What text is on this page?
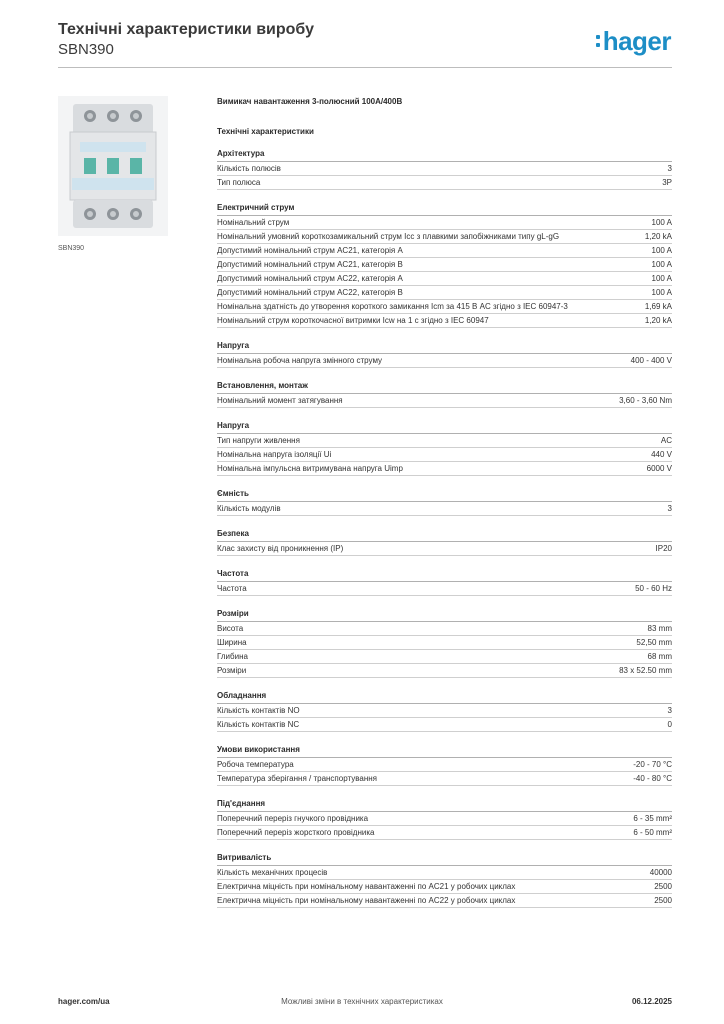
Технічні характеристики виробу
SBN390	hager
SBN390
Вимикач навантаження 3-полюсний 100А/400В
Технічні характеристики
Архітектура
Кількість полюсів	3
Тип полюса	3P
Електричний струм
Номінальний струм	100 A
Номінальний умовний короткозамикальний струм Icc з плавкими запобіжниками типу gL-gG	1,20 kA
Допустимий номінальний струм AC21, категорія A	100 A
Допустимий номінальний струм AC21, категорія B	100 A
Допустимий номінальний струм AC22, категорія A	100 A
Допустимий номінальний струм AC22, категорія B	100 A
Номінальна здатність до утворення короткого замикання Icm за 415 В AC згідно з IEC 60947-3	1,69 kA
Номінальний струм короткочасної витримки Icw на 1 с згідно з IEC 60947	1,20 kA
Напруга
Номінальна робоча напруга змінного струму	400 - 400 V
Встановлення, монтаж
Номінальний момент затягування	3,60 - 3,60 Nm
Напруга
Тип напруги живлення	AC
Номінальна напруга ізоляції Ui	440 V
Номінальна імпульсна витримувана напруга Uimp	6000 V
Ємність
Кількість модулів	3
Безпека
Клас захисту від проникнення (IP)	IP20
Частота
Частота	50 - 60 Hz
Розміри
Висота	83 mm
Ширина	52,50 mm
Глибина	68 mm
Розміри	83 x 52.50 mm
Обладнання
Кількість контактів NO	3
Кількість контактів NC	0
Умови використання
Робоча температура	-20 - 70 °C
Температура зберігання / транспортування	-40 - 80 °C
Під'єднання
Поперечний переріз гнучкого провідника	6 - 35 mm²
Поперечний переріз жорсткого провідника	6 - 50 mm²
Витривалість
Кількість механічних процесів	40000
Електрична міцність при номінальному навантаженні по AC21 у робочих циклах	2500
Електрична міцність при номінальному навантаженні по AC22 у робочих циклах	2500
hager.com/ua	Можливі зміни в технічних характеристиках	06.12.2025
